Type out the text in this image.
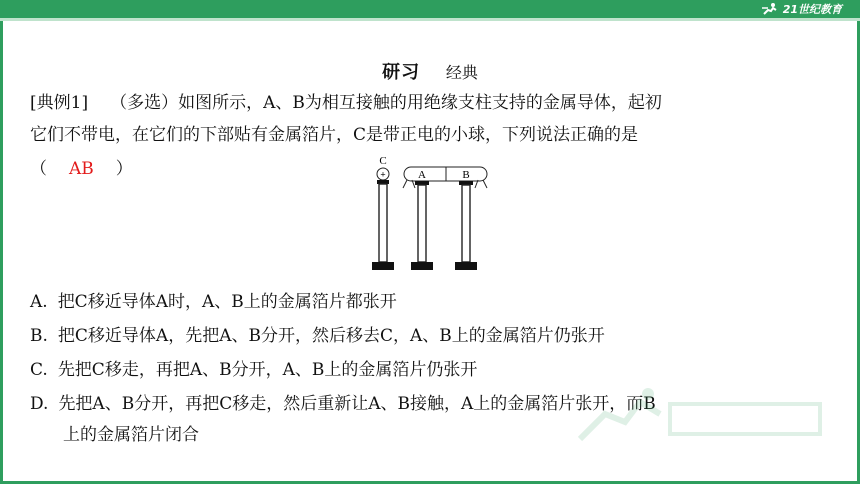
21世纪教育
研习 经典
[典例1] （多选）如图所示，A、B为相互接触的用绝缘支柱支持的金属导体，起初
它们不带电，在它们的下部贴有金属箔片，C是带正电的小球，下列说法正确的是
（ AB ）	C
+	A	B
A. 把C移近导体A时，A、B上的金属箔片都张开
B. 把C移近导体A，先把A、B分开，然后移去C，A、B上的金属箔片仍张开
C. 先把C移走，再把A、B分开，A、B上的金属箔片仍张开
D. 先把A、B分开，再把C移走，然后重新让A、B接触，A上的金属箔片张开，而B
上的金属箔片闭合
